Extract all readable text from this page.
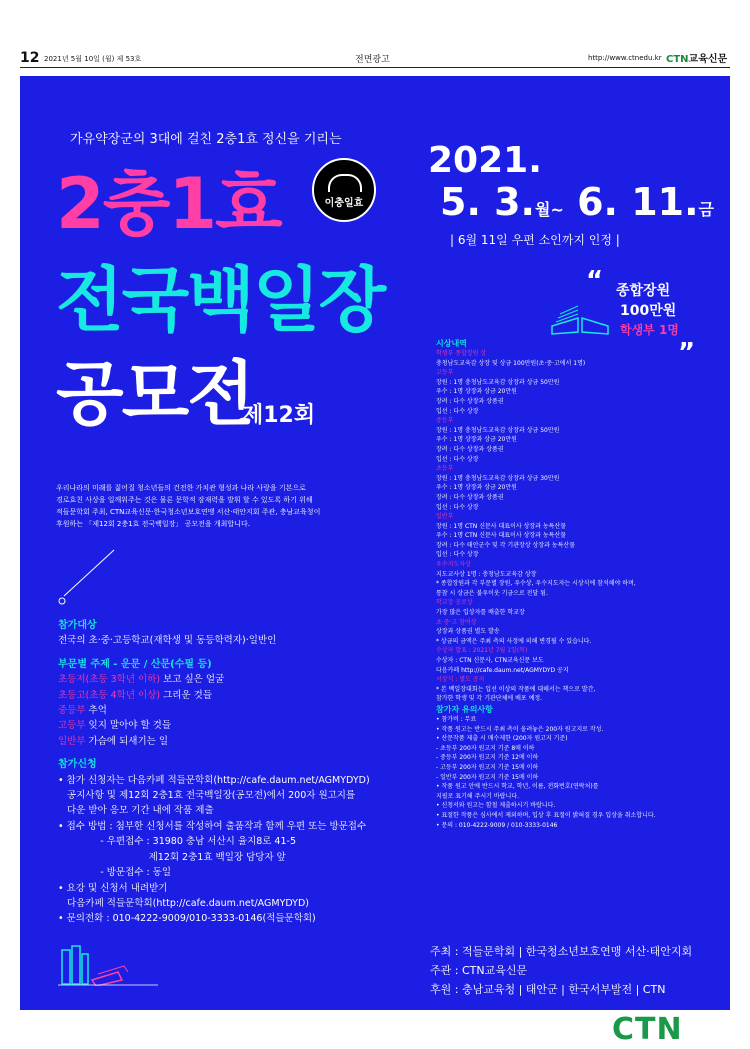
12 2021년 5월 10일 (월) 제 53호	전면광고	http://www.ctnedu.kr CTN교육신문
가유약장군의 3대에 걸친 2충1효 정신을 기리는
2충1효	이충일효
전국백일장
공모전
제12회
2021.
5. 3.월~ 6. 11.금
| 6월 11일 우편 소인까지 인정 |
“ 종합장원
100만원
학생부 1명
”
시상내역
학생부 종합장원 상
충청남도교육감 상장 및 상금 100만원(초·중·고에서 1명)
고등부
장원 : 1명 충청남도교육감 상장과 상금 50만원
우수 : 1명 상장과 상금 20만원
장려 : 다수 상장과 상품권
입선 : 다수 상장
중등부
장원 : 1명 충청남도교육감 상장과 상금 50만원
우수 : 1명 상장과 상금 20만원
장려 : 다수 상장과 상품권
입선 : 다수 상장
초등부
장원 : 1명 충청남도교육감 상장과 상금 30만원
우수 : 1명 상장과 상금 20만원
장려 : 다수 상장과 상품권
입선 : 다수 상장
일반부
장원 : 1명 CTN 신문사 대표이사 상장과 농특산물
우수 : 1명 CTN 신문사 대표이사 상장과 농특산물
장려 : 다수 태안군수 및 각 기관장상 상장과 농특산물
입선 : 다수 상장
우수지도자상
지도교사상 1명 : 충청남도교육감 상장
* 종합장원과 각 부문별 장원, 우수상, 우수지도자는 시상식에 참석해야 하며,
통참 시 상금은 불우이웃 기금으로 전달 됨.
학교장 공로상
가장 많은 입상자를 배출한 학교장
초·중·고 참여상
상장과 상품권 별도 발송
* 상금의 금액은 주최 측의 사정에 의해 변경될 수 있습니다.
수상자 발표 : 2021년 7월 1일(목)
수상자 : CTN 신문사, CTN교육신문 보도
다음카페 http://cafe.daum.net/AGMYDYD 공지
시상식 : 별도 공지
* 본 백일장대회는 입선 이상의 작품에 대해서는 책으로 발간,
참가한 학생 및 각 기관단체에 배포 예정.
참가자 유의사항
• 참가비 : 무료
• 작품 원고는 반드시 주최 측이 올려놓은 200자 원고지로 작성.
• 산문작품 제출 시 매수제한 (200자 원고지 기준)
- 초등부 200자 원고지 기준 8매 이하
- 중등부 200자 원고지 기준 12매 이하
- 고등부 200자 원고지 기준 15매 이하
- 일반부 200자 원고지 기준 15매 이하
• 작품 원고 안에 반드시 학교, 학년, 이름, 전화번호(연락처)를
지필로 표기해 주시기 바랍니다.
• 신청서와 원고는 함철 제출하시기 바랍니다.
• 표절한 작품은 심사에서 제외하며, 입상 후 표절이 밝혀질 경우 입상을 취소합니다.
• 문의 : 010-4222-9009 / 010-3333-0146
우리나라의 미래를 짊어질 청소년들의 건전한 가치관 형성과 나라 사랑을 기본으로
경로효친 사상을 일깨워주는 것은 물론 문학적 잠재력을 발휘 할 수 있도록 하기 위해
적들문학회 주최, CTN교육신문·한국청소년보호연맹 서산·태안지회 주관, 충남교육청이
후원하는 「제12회 2충1효 전국백일장」 공모전을 개최합니다.
참가대상
전국의 초·중·고등학교(재학생 및 동등학력자)·일반인
부문별 주제 - 운문 / 산문(수필 등)
초등저(초등 3학년 이하) 보고 싶은 얼굴
초등고(초등 4학년 이상) 그리운 것들
중등부 추억
고등부 잊지 말아야 할 것들
일반부 가슴에 되새기는 일
참가신청
• 참가 신청자는 다음카페 적들문학회(http://cafe.daum.net/AGMYDYD)
공지사항 및 제12회 2충1효 전국백일장(공모전)에서 200자 원고지를
다운 받아 응모 기간 내에 작품 제출
• 접수 방법 : 첨부한 신청서를 작성하여 출품작과 함께 우편 또는 방문접수
- 우편접수 : 31980 충남 서산시 율지8로 41-5
제12회 2충1효 백일장 담당자 앞
- 방문접수 : 동일
• 요강 및 신청서 내려받기
다음카페 적들문학회(http://cafe.daum.net/AGMYDYD)
• 문의전화 : 010-4222-9009/010-3333-0146(적들문학회)
주최 : 적들문학회 | 한국청소년보호연맹 서산·태안지회
주관 : CTN교육신문
후원 : 충남교육청 | 태안군 | 한국서부발전 | CTN
CTN
